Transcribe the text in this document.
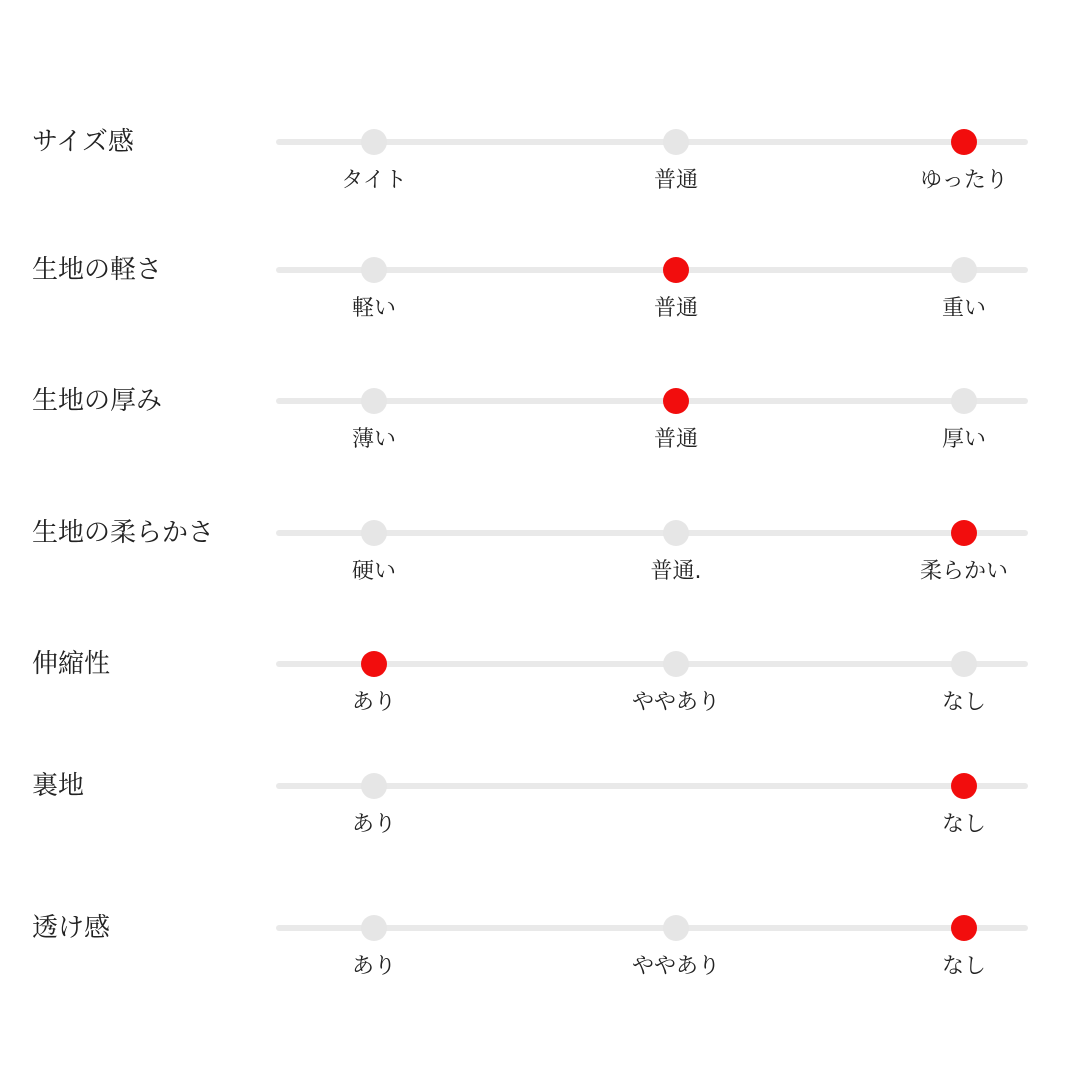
サイズ感
タイト	普通	ゆったり
生地の軽さ
軽い	普通	重い
生地の厚み
薄い	普通	厚い
生地の柔らかさ
硬い	普通.	柔らかい
伸縮性
あり	ややあり	なし
裏地
あり	なし
透け感
あり	ややあり	なし
